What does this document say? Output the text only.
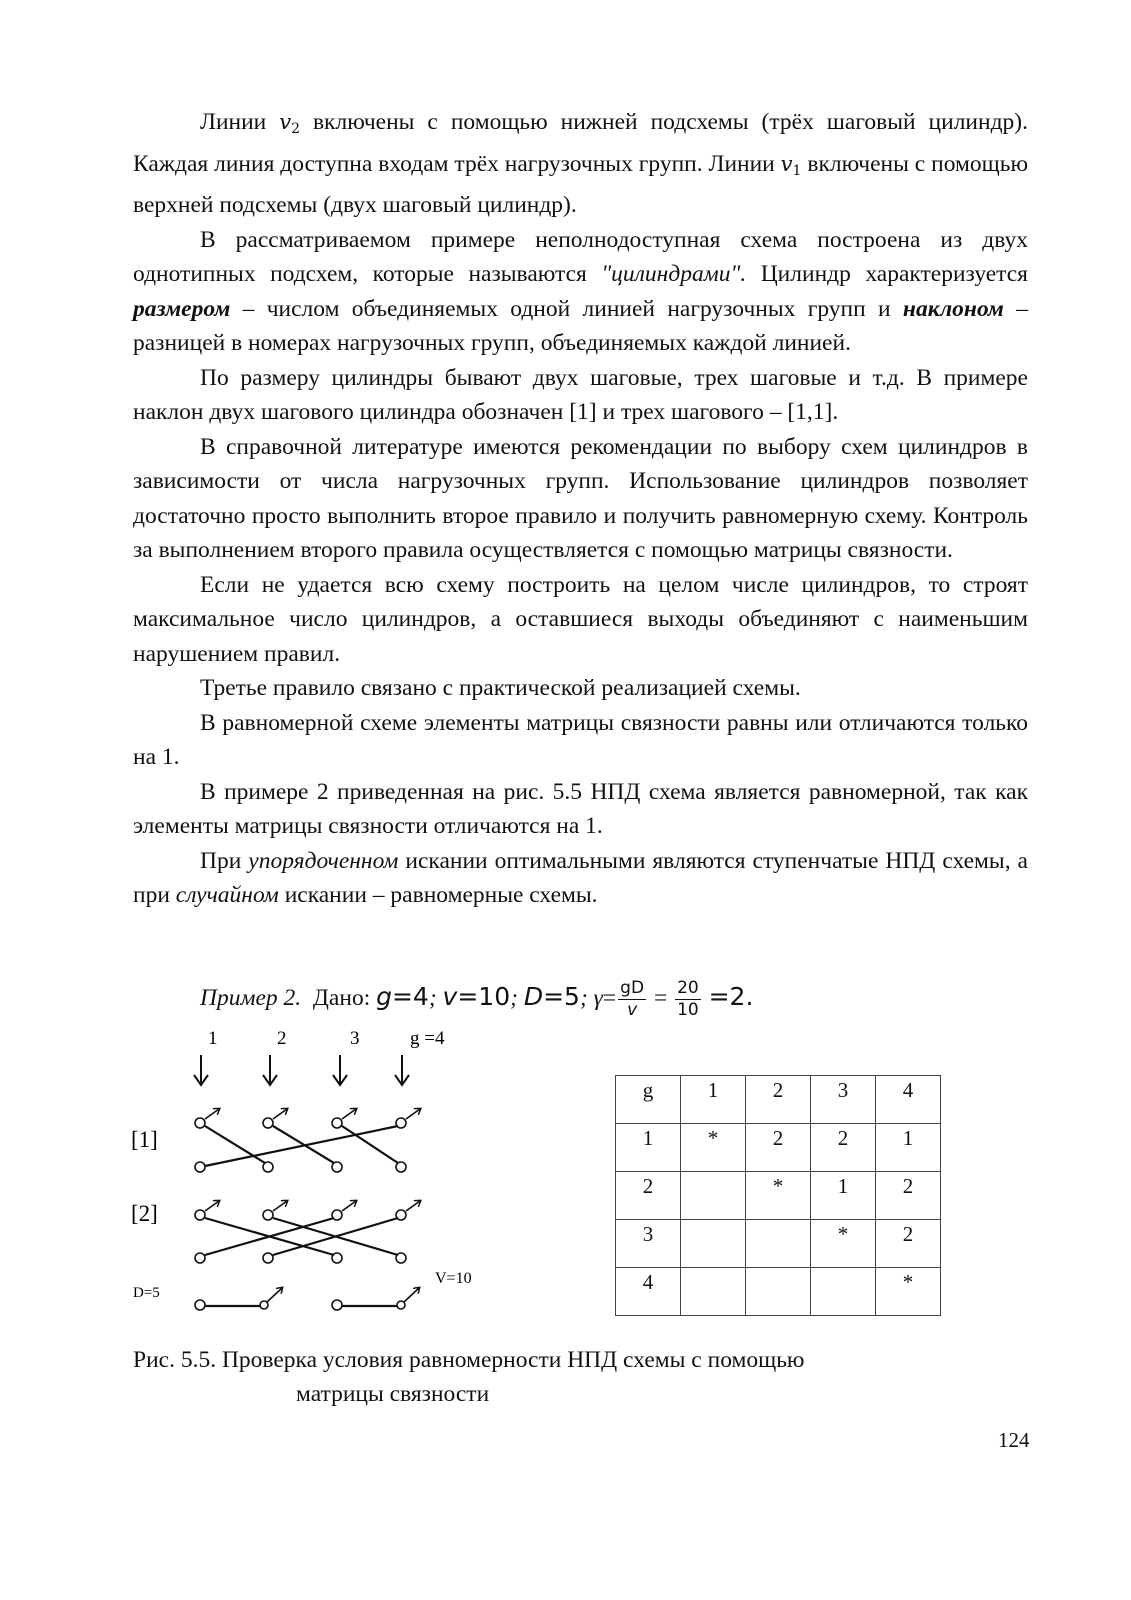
Линии $v_2$ включены с помощью нижней подсхемы (трёх шаговый цилиндр). Каждая линия доступна входам трёх нагрузочных групп. Линии $v_1$ включены с помощью верхней подсхемы (двух шаговый цилиндр).

В рассматриваемом примере неполнодоступная схема построена из двух однотипных подсхем, которые называются "цилиндрами". Цилиндр характеризуется размером – числом объединяемых одной линией нагрузочных групп и наклоном – разницей в номерах нагрузочных групп, объединяемых каждой линией.

По размеру цилиндры бывают двух шаговые, трех шаговые и т.д. В примере наклон двух шагового цилиндра обозначен [1] и трех шагового – [1,1].

В справочной литературе имеются рекомендации по выбору схем цилиндров в зависимости от числа нагрузочных групп. Использование цилиндров позволяет достаточно просто выполнить второе правило и получить равномерную схему. Контроль за выполнением второго правила осуществляется с помощью матрицы связности.

Если не удается всю схему построить на целом числе цилиндров, то строят максимальное число цилиндров, а оставшиеся выходы объединяют с наименьшим нарушением правил.

Третье правило связано с практической реализацией схемы.

В равномерной схеме элементы матрицы связности равны или отличаются только на 1.

В примере 2 приведенная на рис. 5.5 НПД схема является равномерной, так как элементы матрицы связности отличаются на 1.

При упорядоченном искании оптимальными являются ступенчатые НПД схемы, а при случайном искании – равномерные схемы.

Пример 2. Дано: g=4; v=10; D=5; $\gamma= \frac{gD}{v} = \frac{20}{10} =2$.
1	2	3	g =4
[1]
[2]
D=5
V=10
g	1	2	3	4
1	*	2	2	1
2		*	1	2
3			*	2
4				*
Рис. 5.5. Проверка условия равномерности НПД схемы с помощью
матрицы связности
124
